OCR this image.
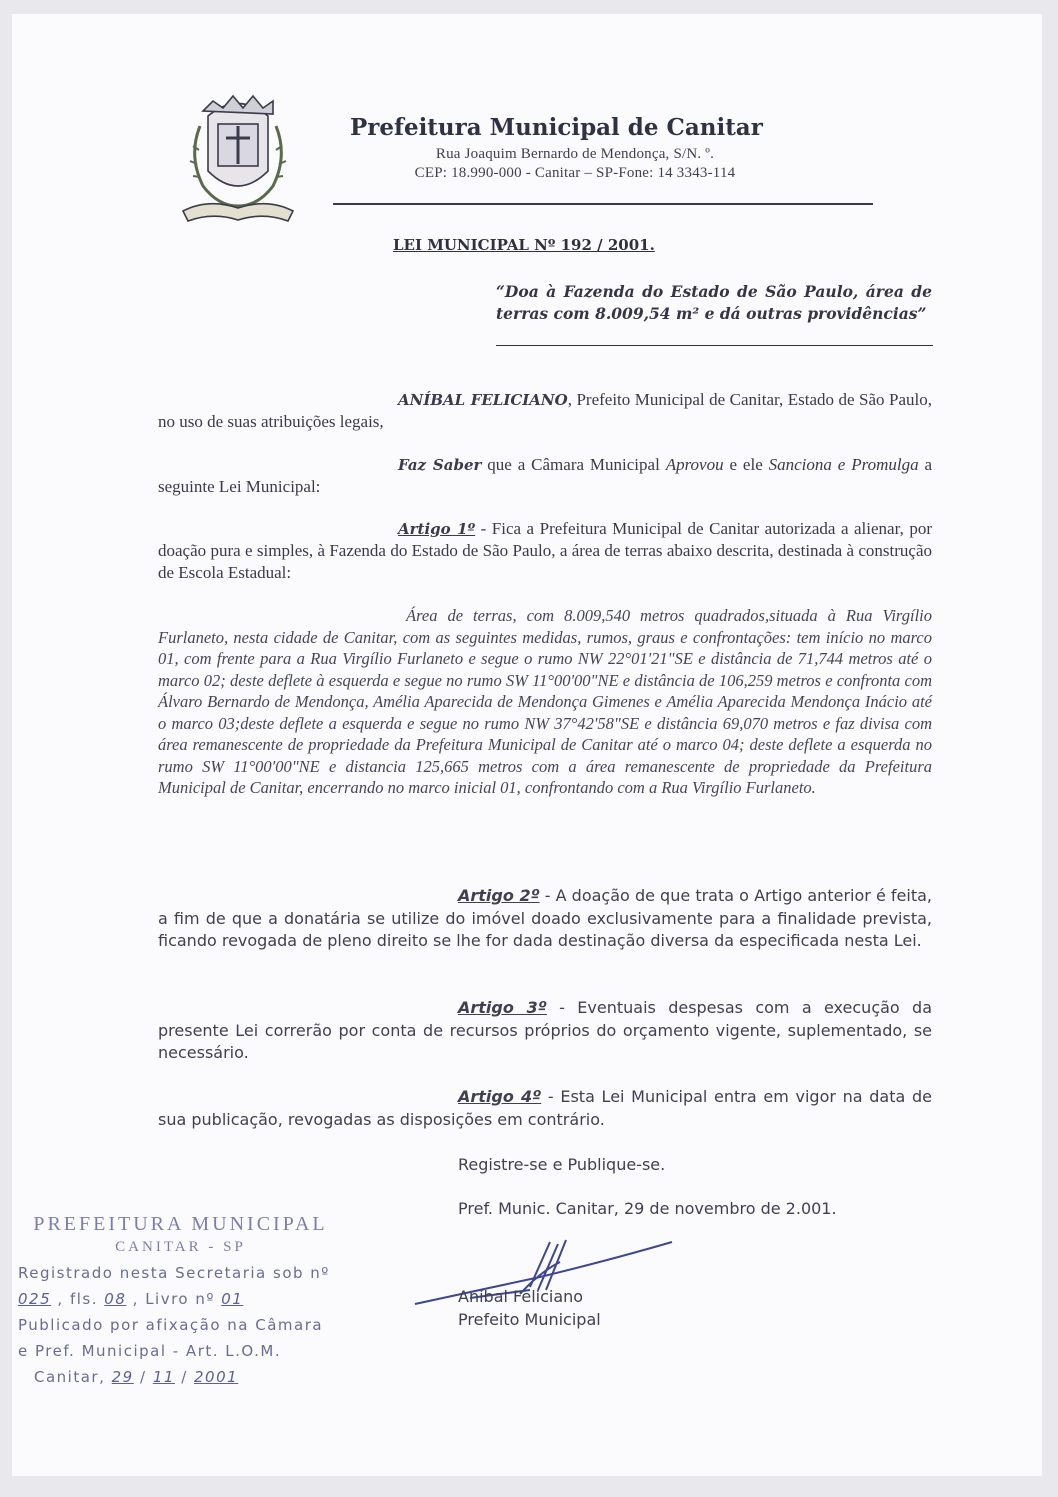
Prefeitura Municipal de Canitar
Rua Joaquim Bernardo de Mendonça, S/N. º.
CEP: 18.990-000 - Canitar – SP-Fone: 14 3343-114
LEI MUNICIPAL Nº 192 / 2001.
“Doa à Fazenda do Estado de São Paulo, área de terras com 8.009,54 m² e dá outras providências”
ANÍBAL FELICIANO, Prefeito Municipal de Canitar, Estado de São Paulo, no uso de suas atribuições legais,
Faz Saber que a Câmara Municipal Aprovou e ele Sanciona e Promulga a seguinte Lei Municipal:
Artigo 1º - Fica a Prefeitura Municipal de Canitar autorizada a alienar, por doação pura e simples, à Fazenda do Estado de São Paulo, a área de terras abaixo descrita, destinada à construção de Escola Estadual:
Área de terras, com 8.009,540 metros quadrados,situada à Rua Virgílio Furlaneto, nesta cidade de Canitar, com as seguintes medidas, rumos, graus e confrontações: tem início no marco 01, com frente para a Rua Virgílio Furlaneto e segue o rumo NW 22°01'21"SE e distância de 71,744 metros até o marco 02; deste deflete à esquerda e segue no rumo SW 11°00'00"NE e distância de 106,259 metros e confronta com Álvaro Bernardo de Mendonça, Amélia Aparecida de Mendonça Gimenes e Amélia Aparecida Mendonça Inácio até o marco 03;deste deflete a esquerda e segue no rumo NW 37°42'58"SE e distância 69,070 metros e faz divisa com área remanescente de propriedade da Prefeitura Municipal de Canitar até o marco 04; deste deflete a esquerda no rumo SW 11°00'00"NE e distancia 125,665 metros com a área remanescente de propriedade da Prefeitura Municipal de Canitar, encerrando no marco inicial 01, confrontando com a Rua Virgílio Furlaneto.
Artigo 2º - A doação de que trata o Artigo anterior é feita, a fim de que a donatária se utilize do imóvel doado exclusivamente para a finalidade prevista, ficando revogada de pleno direito se lhe for dada destinação diversa da especificada nesta Lei.
Artigo 3º - Eventuais despesas com a execução da presente Lei correrão por conta de recursos próprios do orçamento vigente, suplementado, se necessário.
Artigo 4º - Esta Lei Municipal entra em vigor na data de sua publicação, revogadas as disposições em contrário.
Registre-se e Publique-se.
Pref. Munic. Canitar, 29 de novembro de 2.001.
Aníbal Feliciano
Prefeito Municipal
PREFEITURA MUNICIPAL
CANITAR - SP
Registrado nesta Secretaria sob nº
025 , fls. 08 , Livro nº 01
Publicado por afixação na Câmara
e Pref. Municipal - Art. L.O.M.
Canitar, 29 / 11 / 2001
